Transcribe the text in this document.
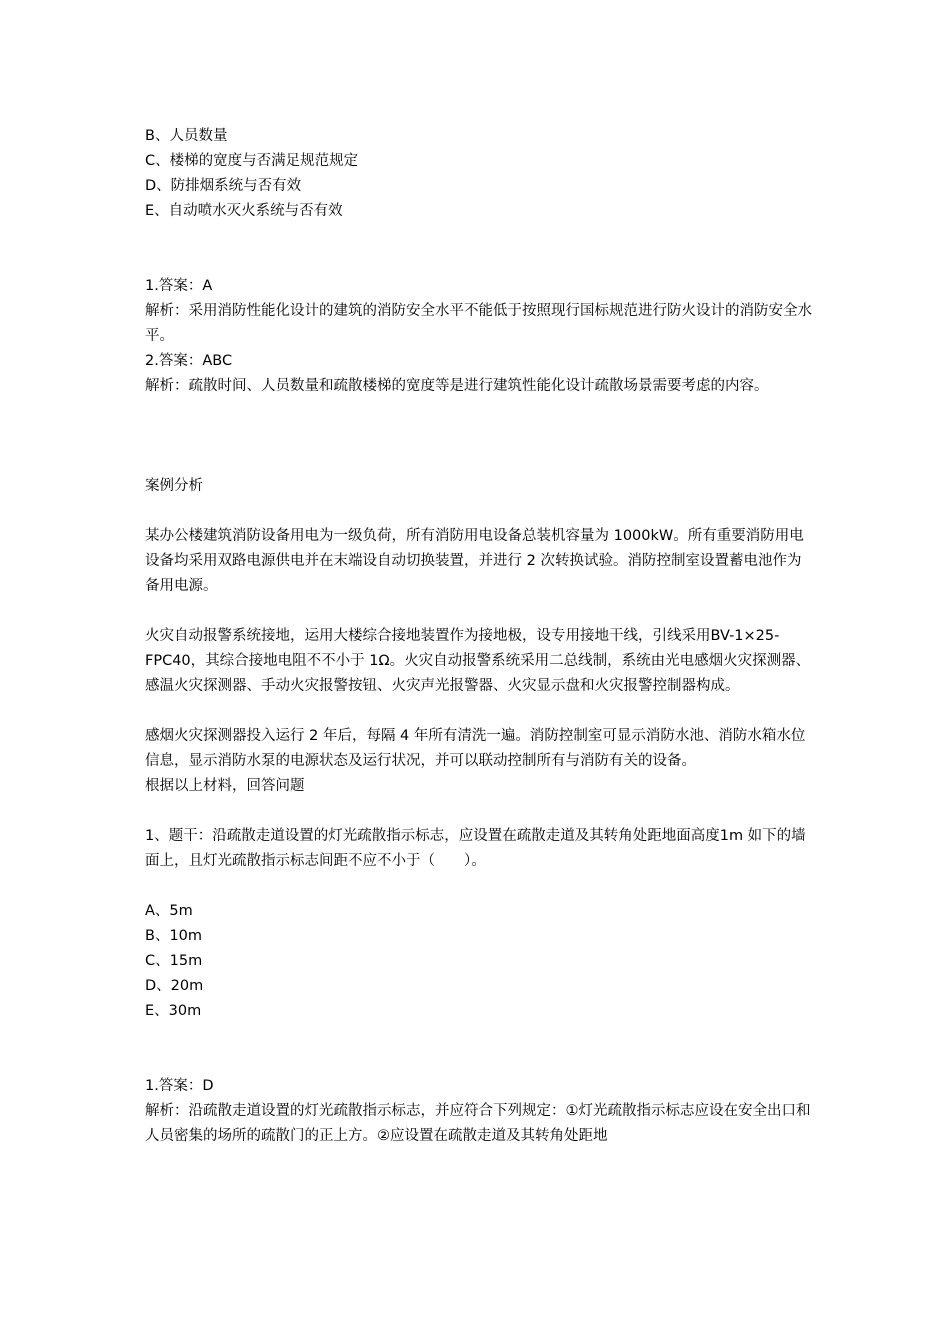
B、人员数量

C、楼梯的宽度与否满足规范规定

D、防排烟系统与否有效

E、自动喷水灭火系统与否有效

1.答案：A

解析：采用消防性能化设计的建筑的消防安全水平不能低于按照现行国标规范进行防火设计的消防安全水平。

2.答案：ABC

解析：疏散时间、人员数量和疏散楼梯的宽度等是进行建筑性能化设计疏散场景需要考虑的内容。

案例分析

某办公楼建筑消防设备用电为一级负荷，所有消防用电设备总装机容量为 1000kW。所有重要消防用电设备均采用双路电源供电并在末端设自动切换装置，并进行 2 次转换试验。消防控制室设置蓄电池作为备用电源。

火灾自动报警系统接地，运用大楼综合接地装置作为接地极，设专用接地干线，引线采用BV-1×25-FPC40，其综合接地电阻不不小于 1Ω。火灾自动报警系统采用二总线制，系统由光电感烟火灾探测器、感温火灾探测器、手动火灾报警按钮、火灾声光报警器、火灾显示盘和火灾报警控制器构成。

感烟火灾探测器投入运行 2 年后，每隔 4 年所有清洗一遍。消防控制室可显示消防水池、消防水箱水位信息，显示消防水泵的电源状态及运行状况，并可以联动控制所有与消防有关的设备。

根据以上材料，回答问题

1、题干：沿疏散走道设置的灯光疏散指示标志，应设置在疏散走道及其转角处距地面高度1m 如下的墙面上，且灯光疏散指示标志间距不应不小于（　　）。

A、5m

B、10m

C、15m

D、20m

E、30m

1.答案：D

解析：沿疏散走道设置的灯光疏散指示标志，并应符合下列规定：①灯光疏散指示标志应设在安全出口和人员密集的场所的疏散门的正上方。②应设置在疏散走道及其转角处距地
